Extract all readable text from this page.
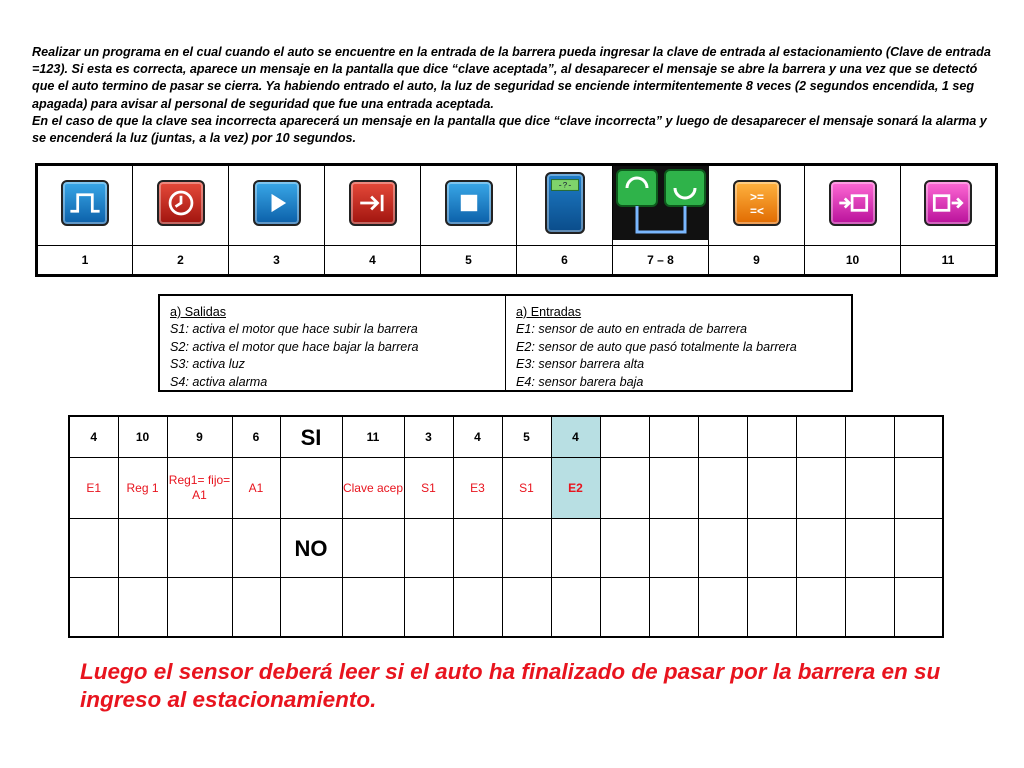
Realizar un programa en el cual cuando el auto se encuentre en la entrada de la barrera pueda ingresar la clave de entrada al estacionamiento (Clave de entrada =123). Si esta es correcta, aparece un mensaje en la pantalla que dice “clave aceptada”, al desaparecer el mensaje se abre la barrera y una vez que se detectó que el auto termino de pasar se cierra. Ya habiendo entrado el auto, la luz de seguridad se enciende intermitentemente 8 veces (2 segundos encendida, 1 seg apagada) para avisar al personal de seguridad que fue una entrada aceptada.

En el caso de que la clave sea incorrecta aparecerá un mensaje en la pantalla que dice “clave incorrecta” y luego de desaparecer el mensaje sonará la alarma y se encenderá la luz (juntas, a la vez) por 10 segundos.

-?-		>=
=<

1	2	3	4	5	6	7 – 8	9	10	11
a) Salidas
S1: activa el motor que hace subir la barrera
S2: activa el motor que hace bajar la barrera
S3: activa luz
S4: activa alarma
a) Entradas
E1: sensor de auto en entrada de barrera
E2: sensor de auto que pasó totalmente la barrera
E3: sensor barrera alta
E4: sensor barera baja
4	10	9	6	SI	11	3	4	5	4							
E1	Reg 1	Reg1= fijo= A1	A1		Clave acep	S1	E3	S1	E2							
				NO												

Luego el sensor deberá leer si el auto ha finalizado de pasar por la barrera en su ingreso al estacionamiento.
